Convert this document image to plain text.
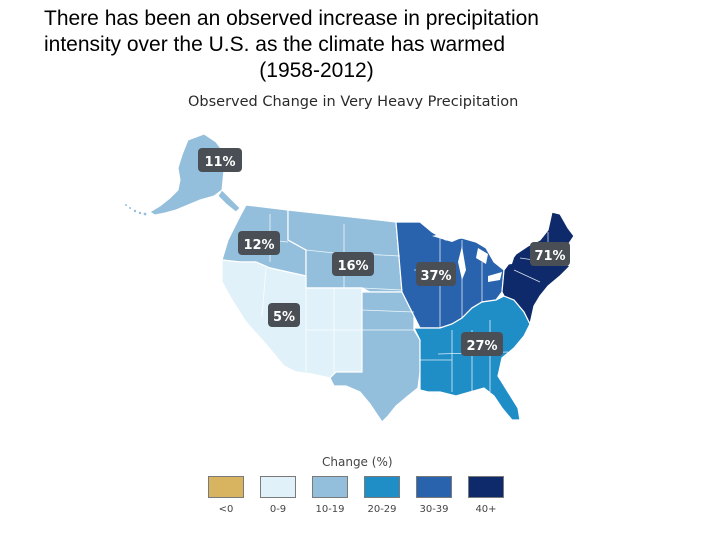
There has been an observed increase in precipitation
intensity over the U.S. as the climate has warmed
(1958-2012)
Observed Change in Very Heavy Precipitation
11%
12%
16%
5%
37%
27%
71%
Change (%)
<0	0-9	10-19	20-29	30-39	40+
